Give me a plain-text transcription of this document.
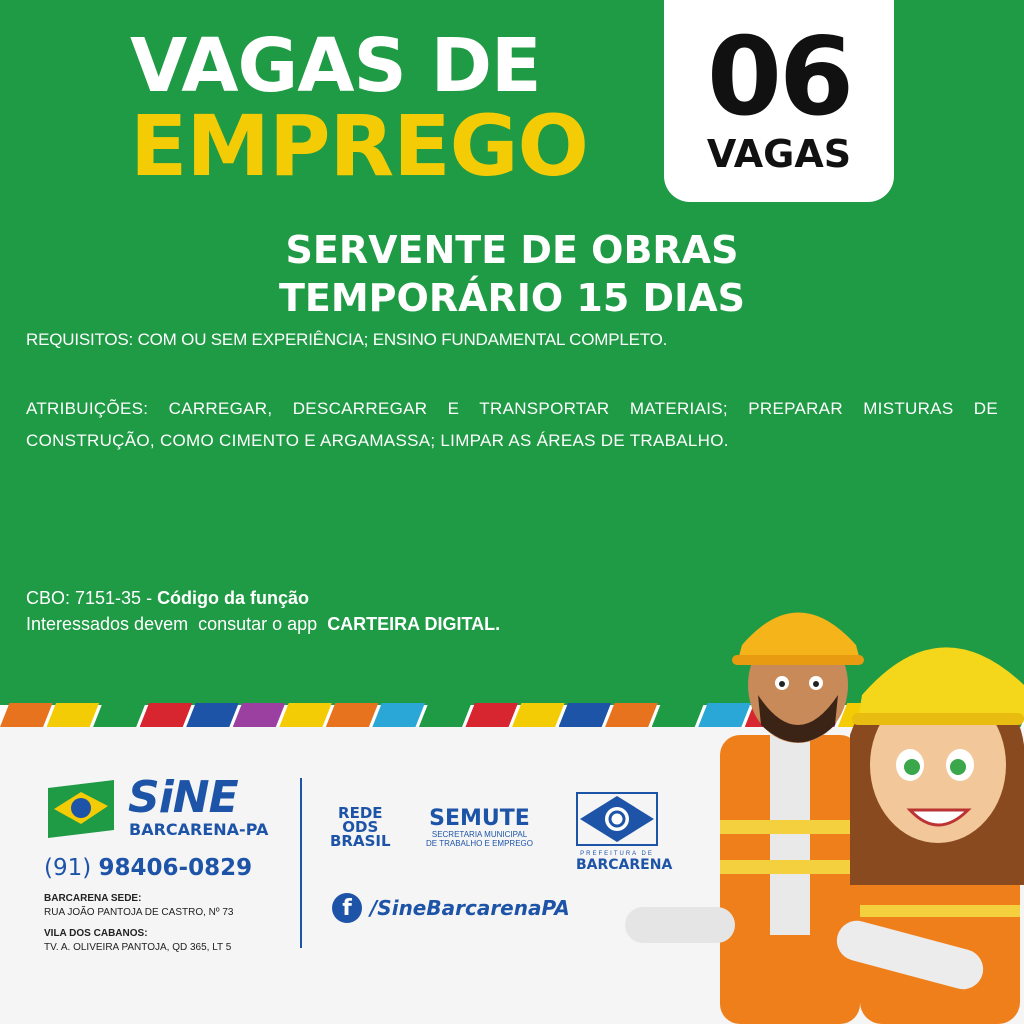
VAGAS DE
EMPREGO
06
VAGAS
SERVENTE DE OBRAS
TEMPORÁRIO 15 DIAS
REQUISITOS: COM OU SEM EXPERIÊNCIA; ENSINO FUNDAMENTAL COMPLETO.
ATRIBUIÇÕES: CARREGAR, DESCARREGAR E TRANSPORTAR MATERIAIS; PREPARAR MISTURAS DE CONSTRUÇÃO, COMO CIMENTO E ARGAMASSA; LIMPAR AS ÁREAS DE TRABALHO.
CBO: 7151-35 - Código da função
Interessados devem  consutar o app  CARTEIRA DIGITAL.
SiNE
BARCARENA-PA
(91) 98406-0829
BARCARENA SEDE:
RUA JOÃO PANTOJA DE CASTRO, Nº 73
VILA DOS CABANOS:
TV. A. OLIVEIRA PANTOJA, QD 365, LT 5
REDE
ODS
BRASIL
SEMUTE
SECRETARIA MUNICIPAL
DE TRABALHO E EMPREGO
PREFEITURA DE
BARCARENA
f /SineBarcarenaPA
